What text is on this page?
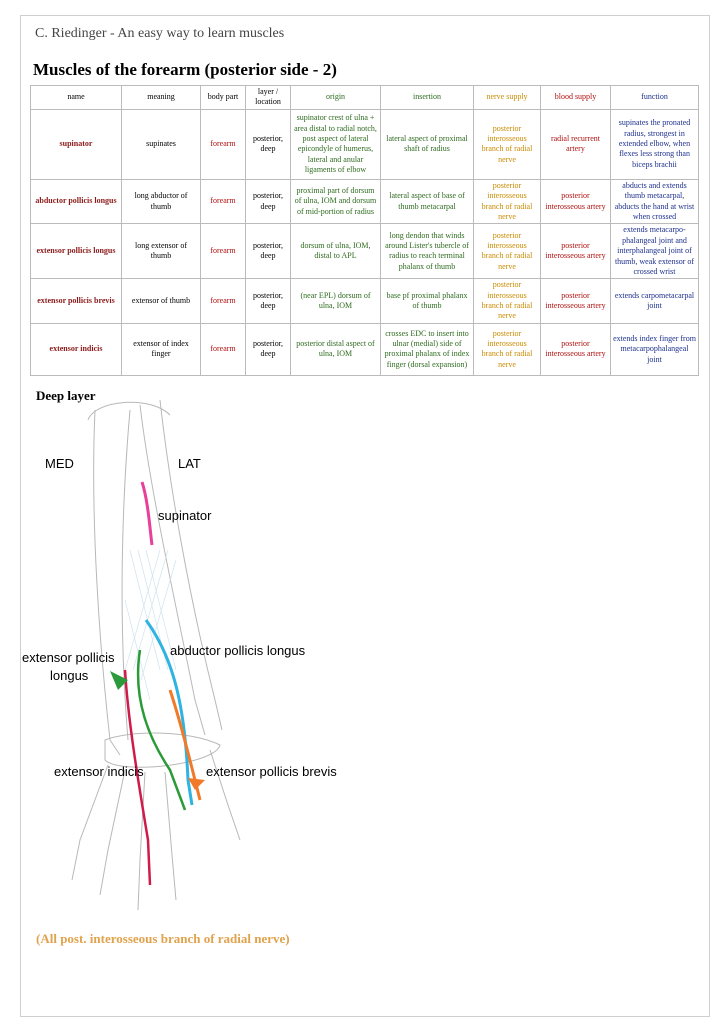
C. Riedinger - An easy way to learn muscles
Muscles of the forearm (posterior side - 2)
name	meaning	body part	layer / location	origin	insertion	nerve supply	blood supply	function
supinator	supinates	forearm	posterior, deep	supinator crest of ulna + area distal to radial notch, post aspect of lateral epicondyle of humerus, lateral and anular ligaments of elbow	lateral aspect of proximal shaft of radius	posterior interosseous branch of radial nerve	radial recurrent artery	supinates the pronated radius, strongest in extended elbow, when flexes less strong than biceps brachii
abductor pollicis longus	long abductor of thumb	forearm	posterior, deep	proximal part of dorsum of ulna, IOM and dorsum of mid-portion of radius	lateral aspect of base of thumb metacarpal	posterior interosseous branch of radial nerve	posterior interosseous artery	abducts and extends thumb metacarpal, abducts the hand at wrist when crossed
extensor pollicis longus	long extensor of thumb	forearm	posterior, deep	dorsum of ulna, IOM, distal to APL	long dendon that winds around Lister's tubercle of radius to reach terminal phalanx of thumb	posterior interosseous branch of radial nerve	posterior interosseous artery	extends metacarpo-phalangeal joint and interphalangeal joint of thumb, weak extensor of crossed wrist
extensor pollicis brevis	extensor of thumb	forearm	posterior, deep	(near EPL) dorsum of ulna, IOM	base pf proximal phalanx of thumb	posterior interosseous branch of radial nerve	posterior interosseous artery	extends carpometacarpal joint
extensor indicis	extensor of index finger	forearm	posterior, deep	posterior distal aspect of ulna, IOM	crosses EDC to insert into ulnar (medial) side of proximal phalanx of index finger (dorsal expansion)	posterior interosseous branch of radial nerve	posterior interosseous artery	extends index finger from metacarpophalangeal joint
Deep layer
MED	LAT
supinator
abductor pollicis longus
extensor pollicis
longus
extensor indicis	extensor pollicis brevis
(All post. interosseous branch of radial nerve)
